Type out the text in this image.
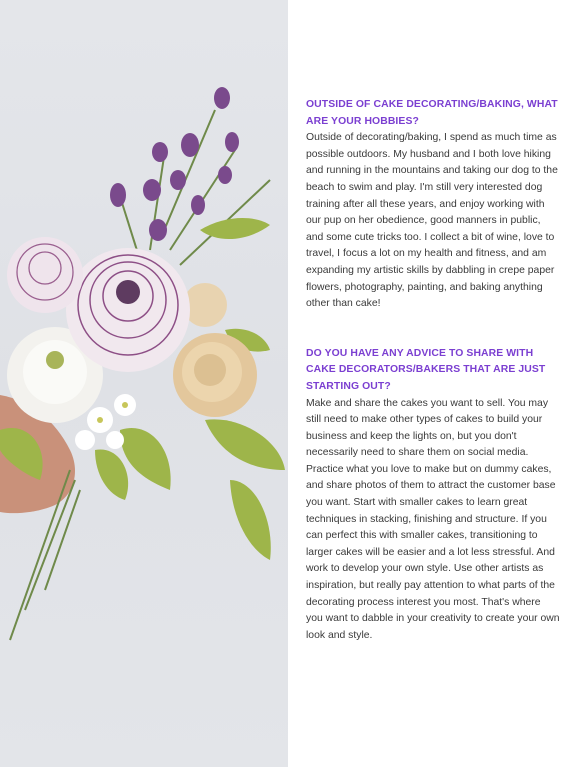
OUTSIDE OF CAKE DECORATING/BAKING, WHAT ARE YOUR HOBBIES?

Outside of decorating/baking, I spend as much time as possible outdoors. My husband and I both love hiking and running in the mountains and taking our dog to the beach to swim and play. I'm still very interested dog training after all these years, and enjoy working with our pup on her obedience, good manners in public, and some cute tricks too. I collect a bit of wine, love to travel, I focus a lot on my health and fitness, and am expanding my artistic skills by dabbling in crepe paper flowers, photography, painting, and baking anything other than cake!

DO YOU HAVE ANY ADVICE TO SHARE WITH CAKE DECORATORS/BAKERS THAT ARE JUST STARTING OUT?

Make and share the cakes you want to sell. You may still need to make other types of cakes to build your business and keep the lights on, but you don't necessarily need to share them on social media. Practice what you love to make but on dummy cakes, and share photos of them to attract the customer base you want. Start with smaller cakes to learn great techniques in stacking, finishing and structure. If you can perfect this with smaller cakes, transitioning to larger cakes will be easier and a lot less stressful. And work to develop your own style. Use other artists as inspiration, but really pay attention to what parts of the decorating process interest you most. That's where you want to dabble in your creativity to create your own look and style.
